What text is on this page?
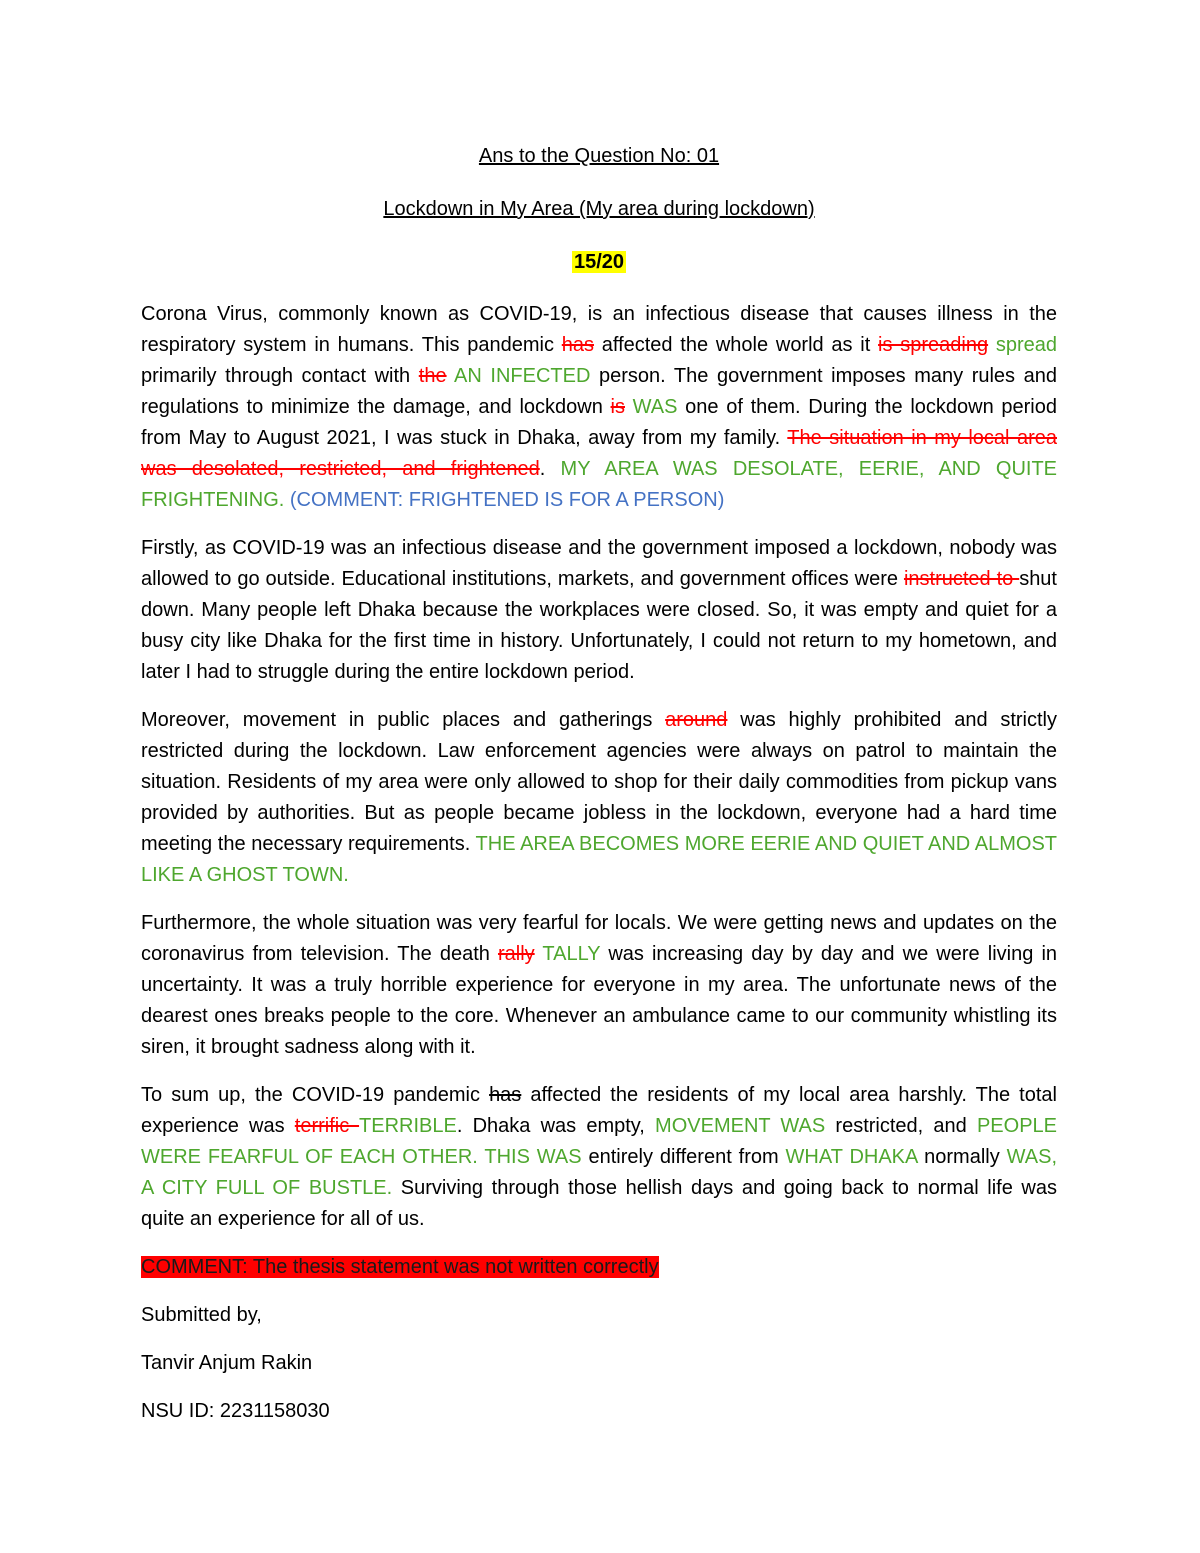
Ans to the Question No: 01

Lockdown in My Area (My area during lockdown)

15/20

Corona Virus, commonly known as COVID-19, is an infectious disease that causes illness in the respiratory system in humans. This pandemic has affected the whole world as it is spreading spread primarily through contact with the AN INFECTED person. The government imposes many rules and regulations to minimize the damage, and lockdown is WAS one of them. During the lockdown period from May to August 2021, I was stuck in Dhaka, away from my family. The situation in my local area was desolated, restricted, and frightened. MY AREA WAS DESOLATE, EERIE, AND QUITE FRIGHTENING. (COMMENT: FRIGHTENED IS FOR A PERSON)

Firstly, as COVID-19 was an infectious disease and the government imposed a lockdown, nobody was allowed to go outside. Educational institutions, markets, and government offices were instructed to shut down. Many people left Dhaka because the workplaces were closed. So, it was empty and quiet for a busy city like Dhaka for the first time in history. Unfortunately, I could not return to my hometown, and later I had to struggle during the entire lockdown period.

Moreover, movement in public places and gatherings around was highly prohibited and strictly restricted during the lockdown. Law enforcement agencies were always on patrol to maintain the situation. Residents of my area were only allowed to shop for their daily commodities from pickup vans provided by authorities. But as people became jobless in the lockdown, everyone had a hard time meeting the necessary requirements. THE AREA BECOMES MORE EERIE AND QUIET AND ALMOST LIKE A GHOST TOWN.

Furthermore, the whole situation was very fearful for locals. We were getting news and updates on the coronavirus from television. The death rally TALLY was increasing day by day and we were living in uncertainty. It was a truly horrible experience for everyone in my area. The unfortunate news of the dearest ones breaks people to the core. Whenever an ambulance came to our community whistling its siren, it brought sadness along with it.

To sum up, the COVID-19 pandemic has affected the residents of my local area harshly. The total experience was terrific TERRIBLE. Dhaka was empty, MOVEMENT WAS restricted, and PEOPLE WERE FEARFUL OF EACH OTHER. THIS WAS entirely different from WHAT DHAKA normally WAS, A CITY FULL OF BUSTLE. Surviving through those hellish days and going back to normal life was quite an experience for all of us.

COMMENT: The thesis statement was not written correctly

Submitted by,

Tanvir Anjum Rakin

NSU ID: 2231158030
